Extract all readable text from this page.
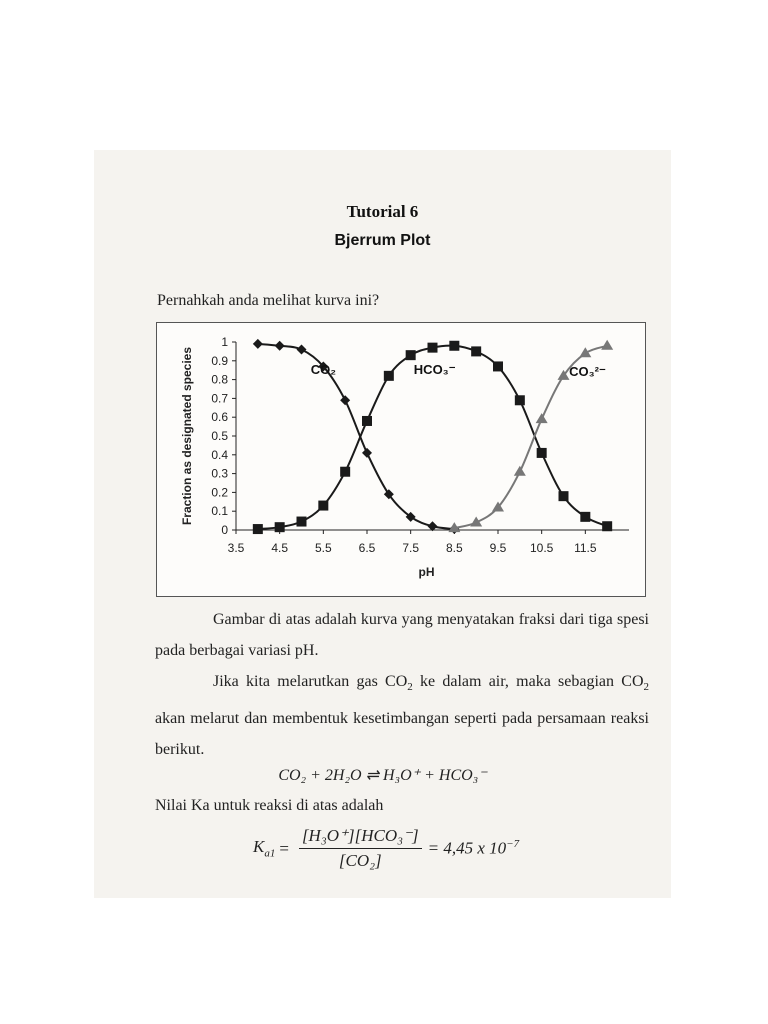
Tutorial 6
Bjerrum Plot
Pernahkah anda melihat kurva ini?
0
0.1
0.2
0.3
0.4
0.5
0.6
0.7
0.8
0.9
1
3.5 4.5 5.5 6.5 7.5 8.5 9.5 10.5 11.5
pH
Fraction as designated species	CO₂	HCO₃⁻	CO₃²⁻
Gambar di atas adalah kurva yang menyatakan fraksi dari tiga spesi pada berbagai variasi pH.
Jika kita melarutkan gas $CO_2$ ke dalam air, maka sebagian $CO_2$ akan melarut dan membentuk kesetimbangan seperti pada persamaan reaksi berikut.
CO₂ + 2H₂O ⇌ H₃O⁺ + HCO₃⁻
Nilai Ka untuk reaksi di atas adalah
$K_{a1} = \frac{\text{[H₃O⁺][HCO₃⁻]}}{\text{[CO₂]}} = 4,45$ x $10^{-7}$
